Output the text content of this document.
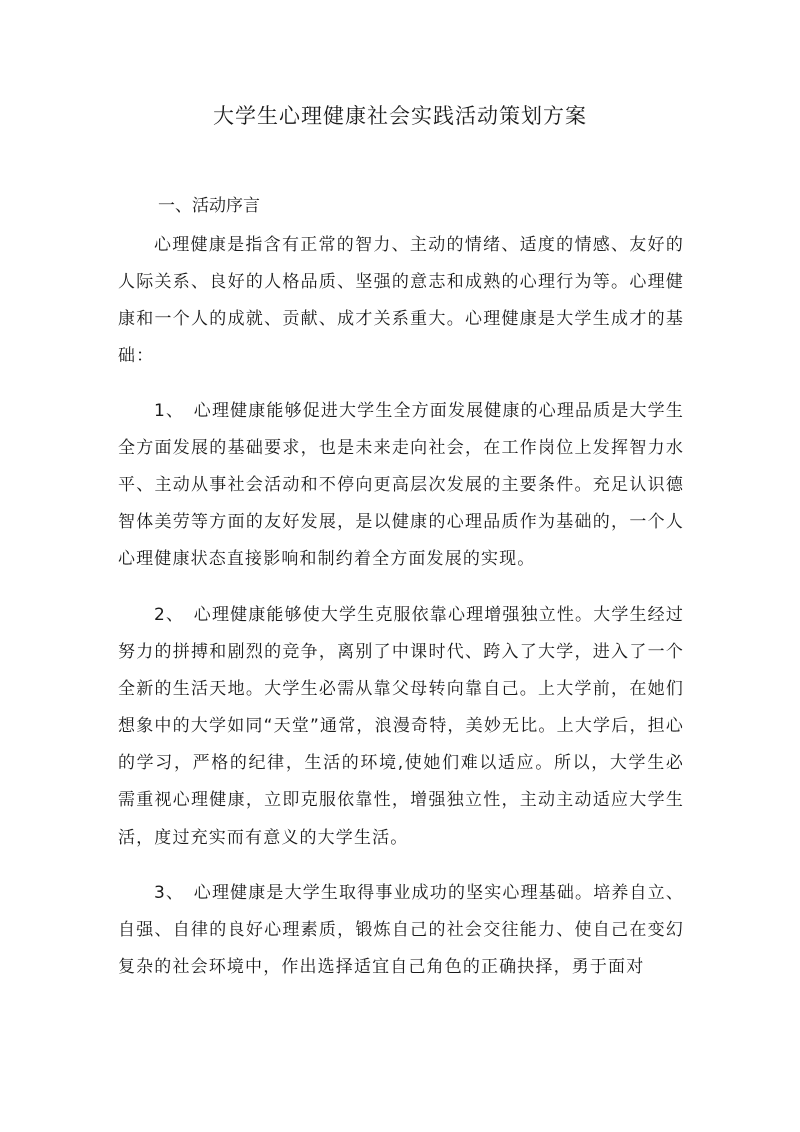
大学生心理健康社会实践活动策划方案
一、活动序言

心理健康是指含有正常的智力、主动的情绪、适度的情感、友好的人际关系、良好的人格品质、坚强的意志和成熟的心理行为等。心理健康和一个人的成就、贡献、成才关系重大。心理健康是大学生成才的基础：

1、　心理健康能够促进大学生全方面发展健康的心理品质是大学生全方面发展的基础要求，也是未来走向社会，在工作岗位上发挥智力水平、主动从事社会活动和不停向更高层次发展的主要条件。充足认识德智体美劳等方面的友好发展，是以健康的心理品质作为基础的，一个人心理健康状态直接影响和制约着全方面发展的实现。

2、　心理健康能够使大学生克服依靠心理增强独立性。大学生经过努力的拼搏和剧烈的竞争，离别了中课时代、跨入了大学，进入了一个全新的生活天地。大学生必需从靠父母转向靠自己。上大学前，在她们想象中的大学如同“天堂”通常，浪漫奇特，美妙无比。上大学后，担心的学习，严格的纪律，生活的环境,使她们难以适应。所以，大学生必需重视心理健康，立即克服依靠性，增强独立性，主动主动适应大学生活，度过充实而有意义的大学生活。

3、　心理健康是大学生取得事业成功的坚实心理基础。培养自立、自强、自律的良好心理素质，锻炼自己的社会交往能力、使自己在变幻复杂的社会环境中，作出选择适宜自己角色的正确抉择，勇于面对
